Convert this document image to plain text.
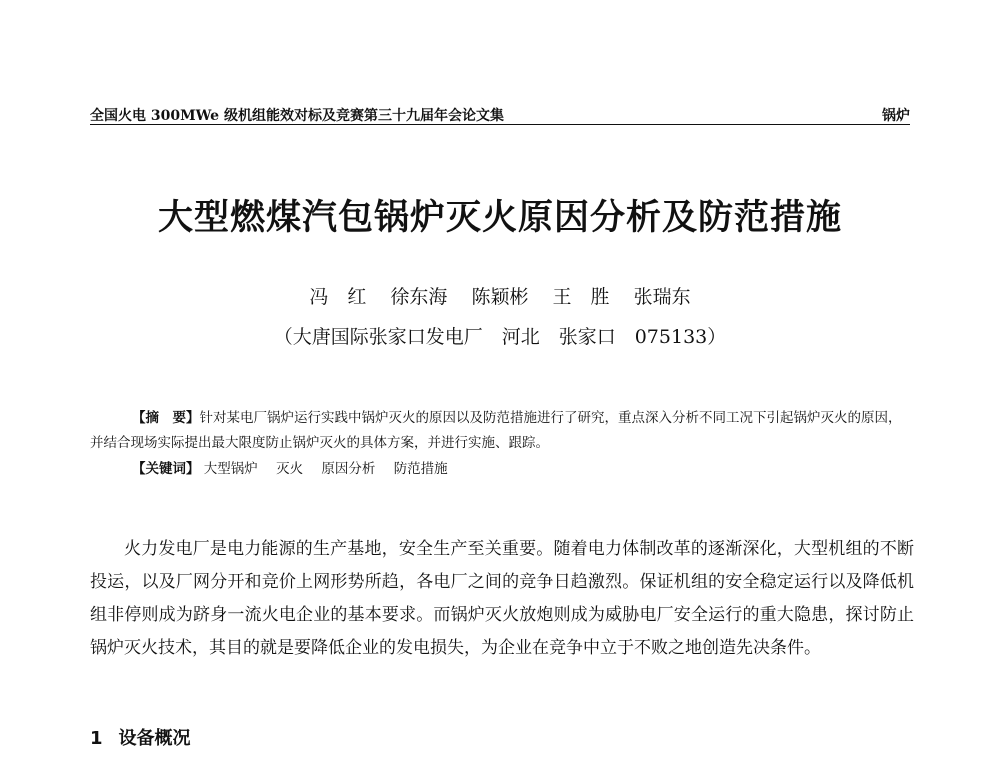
全国火电 300MWe 级机组能效对标及竞赛第三十九届年会论文集	锅炉
大型燃煤汽包锅炉灭火原因分析及防范措施
冯　红 徐东海 陈颖彬 王　胜 张瑞东
（大唐国际张家口发电厂　河北　张家口　075133）
【摘　要】针对某电厂锅炉运行实践中锅炉灭火的原因以及防范措施进行了研究，重点深入分析不同工况下引起锅炉灭火的原因，并结合现场实际提出最大限度防止锅炉灭火的具体方案，并进行实施、跟踪。
【关键词】 大型锅炉 灭火 原因分析 防范措施
火力发电厂是电力能源的生产基地，安全生产至关重要。随着电力体制改革的逐渐深化，大型机组的不断投运，以及厂网分开和竞价上网形势所趋，各电厂之间的竞争日趋激烈。保证机组的安全稳定运行以及降低机组非停则成为跻身一流火电企业的基本要求。而锅炉灭火放炮则成为威胁电厂安全运行的重大隐患，探讨防止锅炉灭火技术，其目的就是要降低企业的发电损失，为企业在竞争中立于不败之地创造先决条件。
1 设备概况
